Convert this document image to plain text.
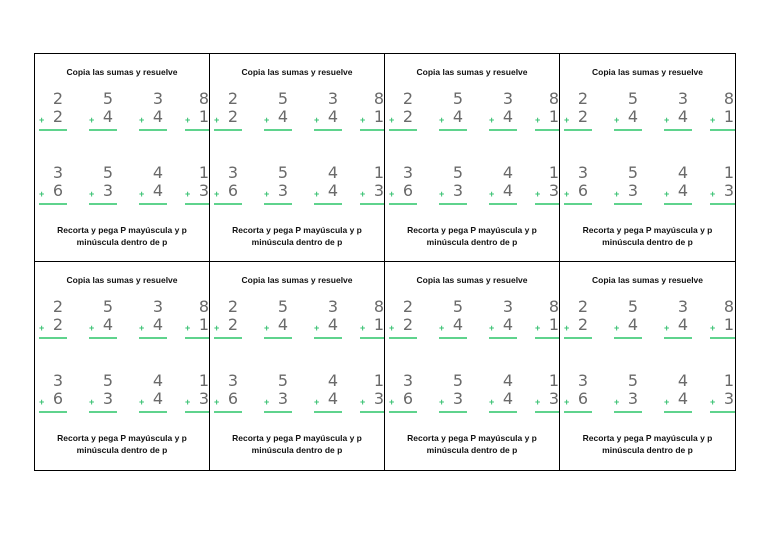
Copia las sumas y resuelve
2
2
+
5
4
+
3
4
+
8
1
+
3
6
+
5
3
+
4
4
+
1
3
+
Recorta y pega P mayúscula y p
minúscula dentro de p
Copia las sumas y resuelve
2
2
+
5
4
+
3
4
+
8
1
+
3
6
+
5
3
+
4
4
+
1
3
+
Recorta y pega P mayúscula y p
minúscula dentro de p
Copia las sumas y resuelve
2
2
+
5
4
+
3
4
+
8
1
+
3
6
+
5
3
+
4
4
+
1
3
+
Recorta y pega P mayúscula y p
minúscula dentro de p
Copia las sumas y resuelve
2
2
+
5
4
+
3
4
+
8
1
+
3
6
+
5
3
+
4
4
+
1
3
+
Recorta y pega P mayúscula y p
minúscula dentro de p
Copia las sumas y resuelve
2
2
+
5
4
+
3
4
+
8
1
+
3
6
+
5
3
+
4
4
+
1
3
+
Recorta y pega P mayúscula y p
minúscula dentro de p
Copia las sumas y resuelve
2
2
+
5
4
+
3
4
+
8
1
+
3
6
+
5
3
+
4
4
+
1
3
+
Recorta y pega P mayúscula y p
minúscula dentro de p
Copia las sumas y resuelve
2
2
+
5
4
+
3
4
+
8
1
+
3
6
+
5
3
+
4
4
+
1
3
+
Recorta y pega P mayúscula y p
minúscula dentro de p
Copia las sumas y resuelve
2
2
+
5
4
+
3
4
+
8
1
+
3
6
+
5
3
+
4
4
+
1
3
+
Recorta y pega P mayúscula y p
minúscula dentro de p
